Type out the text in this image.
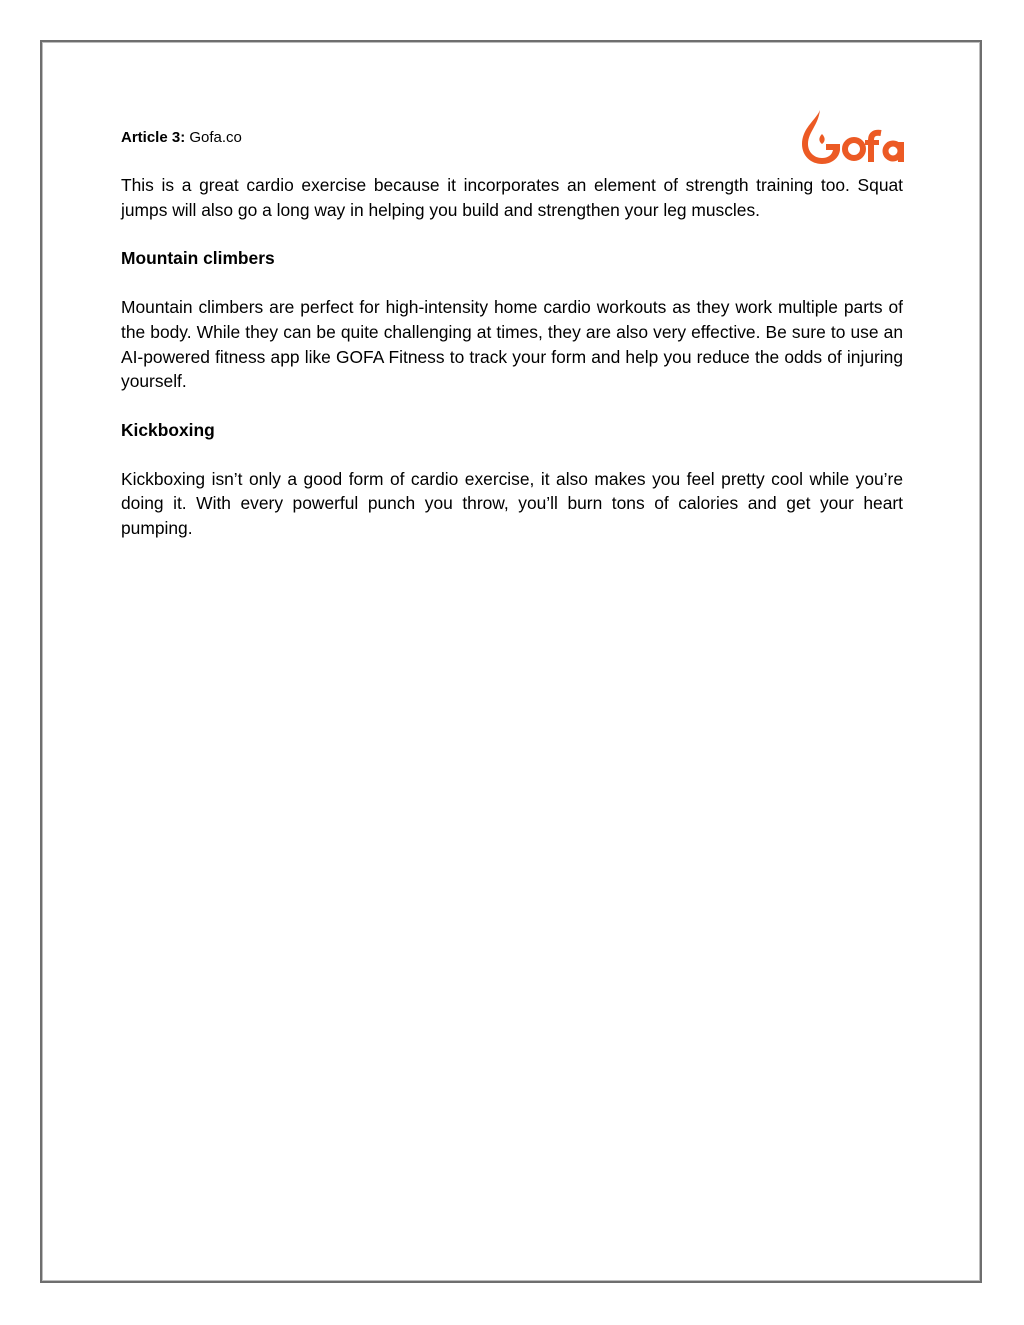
Article 3: Gofa.co

This is a great cardio exercise because it incorporates an element of strength training too. Squat jumps will also go a long way in helping you build and strengthen your leg muscles.

Mountain climbers

Mountain climbers are perfect for high-intensity home cardio workouts as they work multiple parts of the body. While they can be quite challenging at times, they are also very effective. Be sure to use an AI-powered fitness app like GOFA Fitness to track your form and help you reduce the odds of injuring yourself.

Kickboxing

Kickboxing isn’t only a good form of cardio exercise, it also makes you feel pretty cool while you’re doing it. With every powerful punch you throw, you’ll burn tons of calories and get your heart pumping.
